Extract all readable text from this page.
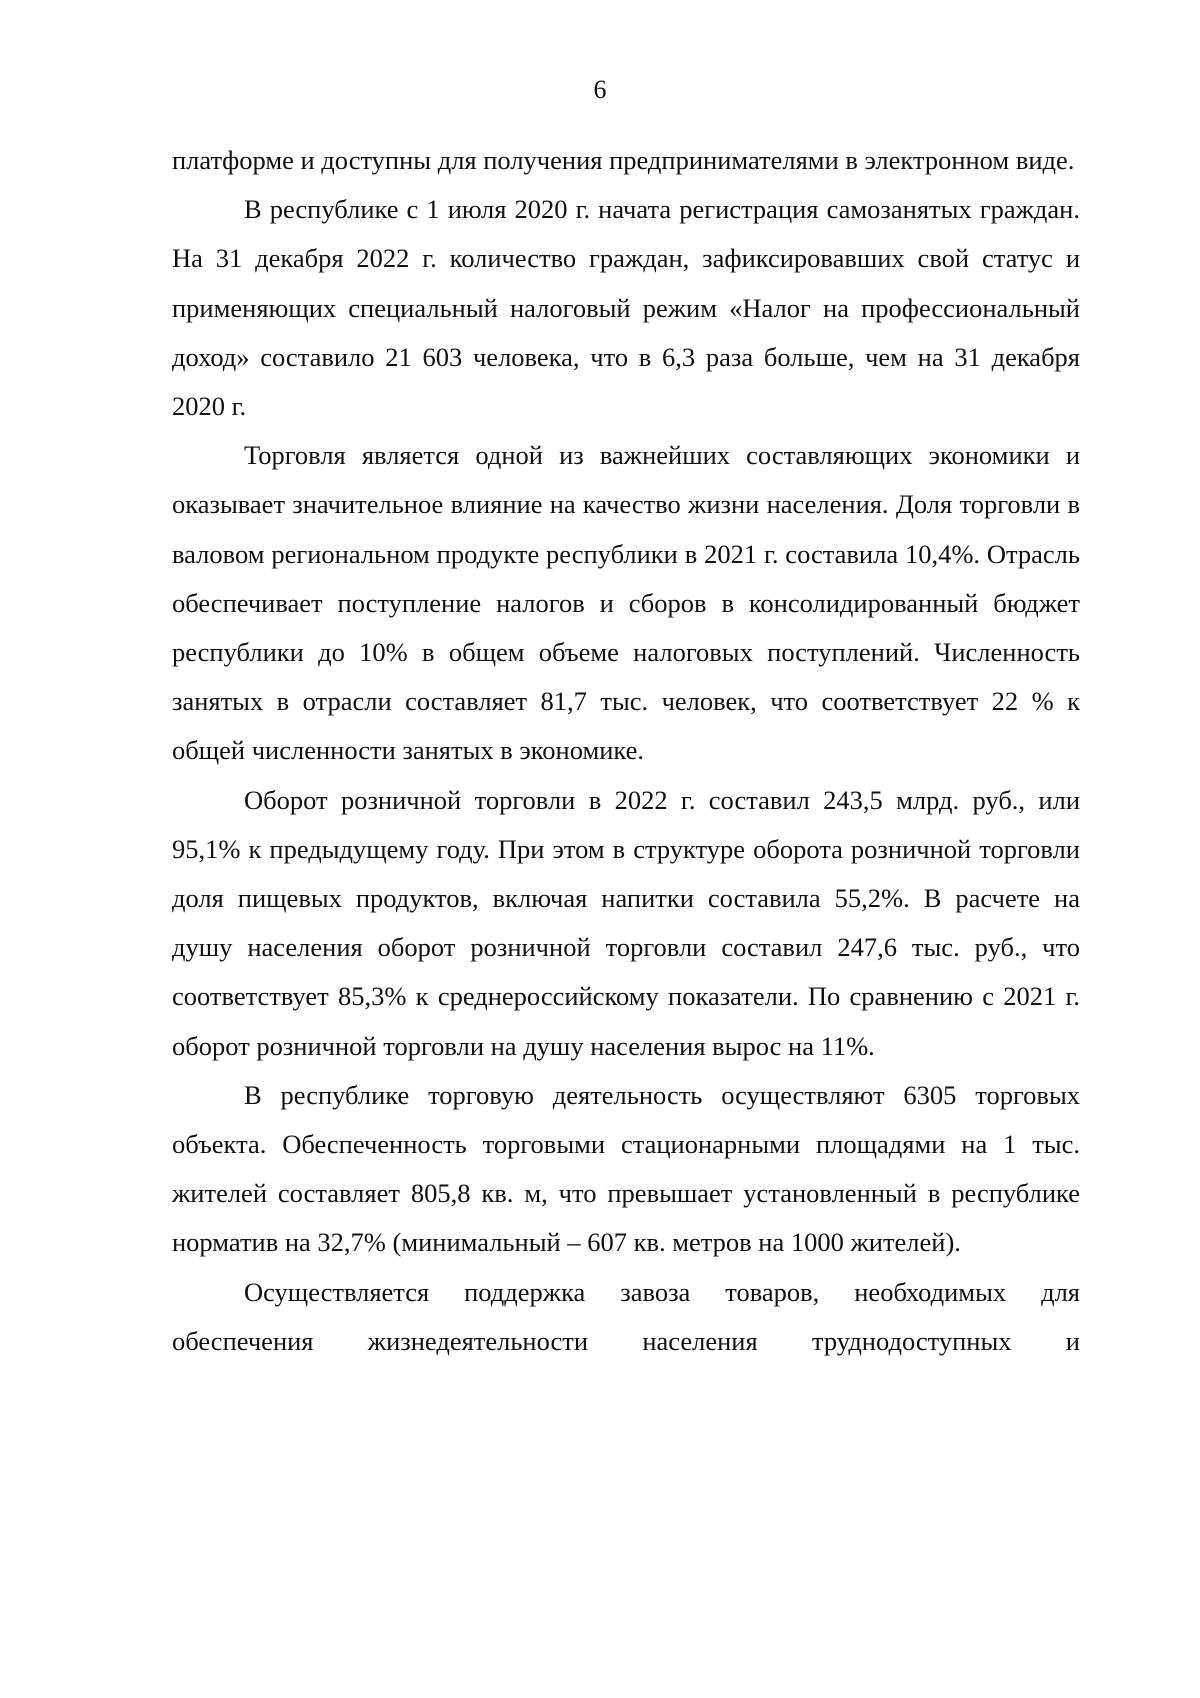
6

платформе и доступны для получения предпринимателями в электронном виде.

В республике с 1 июля 2020 г. начата регистрация самозанятых граждан. На 31 декабря 2022 г. количество граждан, зафиксировавших свой статус и применяющих специальный налоговый режим «Налог на профессиональный доход» составило 21 603 человека, что в 6,3 раза больше, чем на 31 декабря 2020 г.

Торговля является одной из важнейших составляющих экономики и оказывает значительное влияние на качество жизни населения. Доля торговли в валовом региональном продукте республики в 2021 г. составила 10,4%. Отрасль обеспечивает поступление налогов и сборов в консолидированный бюджет республики до 10% в общем объеме налоговых поступлений. Численность занятых в отрасли составляет 81,7 тыс. человек, что соответствует 22 % к общей численности занятых в экономике.

Оборот розничной торговли в 2022 г. составил 243,5 млрд. руб., или 95,1% к предыдущему году. При этом в структуре оборота розничной торговли доля пищевых продуктов, включая напитки составила 55,2%. В расчете на душу населения оборот розничной торговли составил 247,6 тыс. руб., что соответствует 85,3% к среднероссийскому показатели. По сравнению с 2021 г. оборот розничной торговли на душу населения вырос на 11%.

В республике торговую деятельность осуществляют 6305 торговых объекта. Обеспеченность торговыми стационарными площадями на 1 тыс. жителей составляет 805,8 кв. м, что превышает установленный в республике норматив на 32,7% (минимальный – 607 кв. метров на 1000 жителей).

Осуществляется поддержка завоза товаров, необходимых для обеспечения жизнедеятельности населения труднодоступных и
